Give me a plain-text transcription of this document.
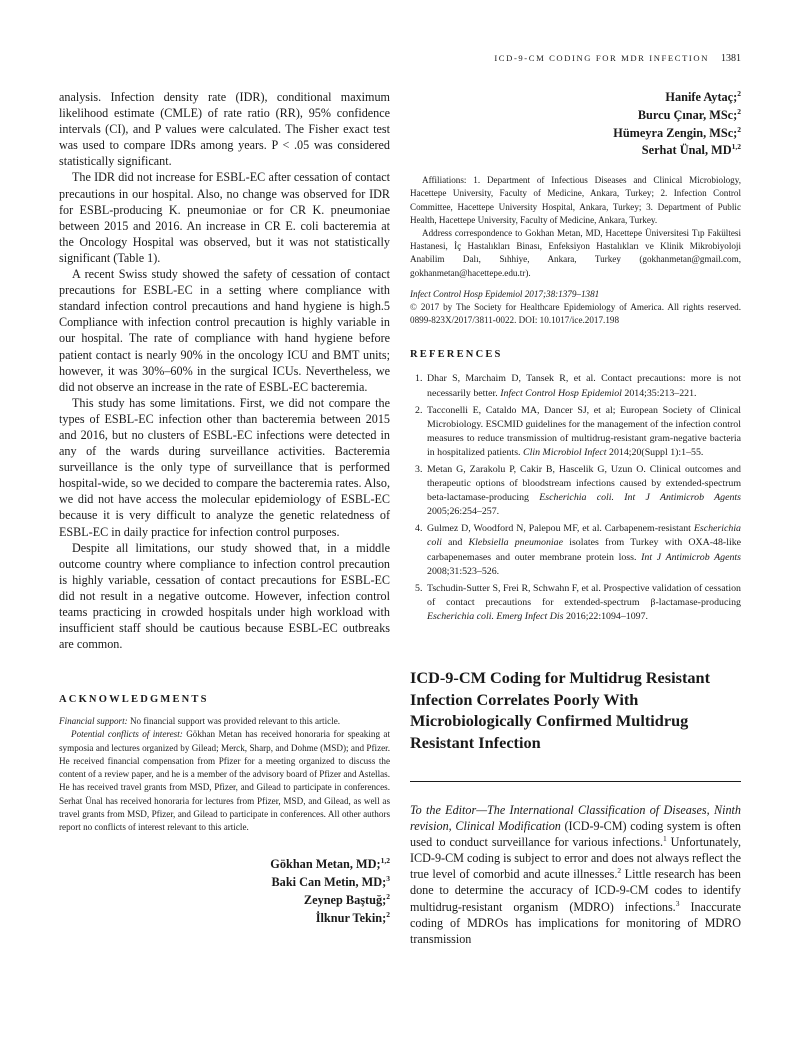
ICD-9-CM CODING FOR MDR INFECTION 1381

analysis. Infection density rate (IDR), conditional maximum likelihood estimate (CMLE) of rate ratio (RR), 95% confidence intervals (CI), and P values were calculated. The Fisher exact test was used to compare IDRs among years. P < .05 was considered statistically significant.

The IDR did not increase for ESBL-EC after cessation of contact precautions in our hospital. Also, no change was observed for IDR for ESBL-producing K. pneumoniae or for CR K. pneumoniae between 2015 and 2016. An increase in CR E. coli bacteremia at the Oncology Hospital was observed, but it was not statistically significant (Table 1).

A recent Swiss study showed the safety of cessation of contact precautions for ESBL-EC in a setting where compliance with standard infection control precautions and hand hygiene is high.5 Compliance with infection control precaution is highly variable in our hospital. The rate of compliance with hand hygiene before patient contact is nearly 90% in the oncology ICU and BMT units; however, it was 30%–60% in the surgical ICUs. Nevertheless, we did not observe an increase in the rate of ESBL-EC bacteremia.

This study has some limitations. First, we did not compare the types of ESBL-EC infection other than bacteremia between 2015 and 2016, but no clusters of ESBL-EC infections were detected in any of the wards during surveillance activities. Bacteremia surveillance is the only type of surveillance that is performed hospital-wide, so we decided to compare the bacteremia rates. Also, we did not have access the molecular epidemiology of ESBL-EC because it is very difficult to analyze the genetic relatedness of ESBL-EC in daily practice for infection control purposes.

Despite all limitations, our study showed that, in a middle outcome country where compliance to infection control precaution is highly variable, cessation of contact precautions for ESBL-EC did not result in a negative outcome. However, infection control teams practicing in crowded hospitals under high workload with insufficient staff should be cautious because ESBL-EC outbreaks are common.

ACKNOWLEDGMENTS

Financial support: No financial support was provided relevant to this article.

Potential conflicts of interest: Gökhan Metan has received honoraria for speaking at symposia and lectures organized by Gilead; Merck, Sharp, and Dohme (MSD); and Pfizer. He received financial compensation from Pfizer for a meeting organized to discuss the content of a review paper, and he is a member of the advisory board of Pfizer and Astellas. He has received travel grants from MSD, Pfizer, and Gilead to participate in conferences. Serhat Ünal has received honoraria for lectures from Pfizer, MSD, and Gilead, as well as travel grants from MSD, Pfizer, and Gilead to participate in conferences. All other authors report no conflicts of interest relevant to this article.

Gökhan Metan, MD;$^{1,2}$
Baki Can Metin, MD;$^3$
Zeynep Baştuğ;$^2$
İlknur Tekin;$^2$
Hanife Aytaç;$^2$
Burcu Çınar, MSc;$^2$
Hümeyra Zengin, MSc;$^2$
Serhat Ünal, MD$^{1,2}$

Affiliations: 1. Department of Infectious Diseases and Clinical Microbiology, Hacettepe University, Faculty of Medicine, Ankara, Turkey; 2. Infection Control Committee, Hacettepe University Hospital, Ankara, Turkey; 3. Department of Public Health, Hacettepe University, Faculty of Medicine, Ankara, Turkey.

Address correspondence to Gokhan Metan, MD, Hacettepe Üniversitesi Tıp Fakültesi Hastanesi, İç Hastalıkları Binası, Enfeksiyon Hastalıkları ve Klinik Mikrobiyoloji Anabilim Dalı, Sıhhiye, Ankara, Turkey (gokhanmetan@gmail.com, gokhanmetan@hacettepe.edu.tr).

Infect Control Hosp Epidemiol 2017;38:1379–1381

© 2017 by The Society for Healthcare Epidemiology of America. All rights reserved. 0899-823X/2017/3811-0022. DOI: 10.1017/ice.2017.198

REFERENCES
1. Dhar S, Marchaim D, Tansek R, et al. Contact precautions: more is not necessarily better. Infect Control Hosp Epidemiol 2014;35:213–221.
2. Tacconelli E, Cataldo MA, Dancer SJ, et al; European Society of Clinical Microbiology. ESCMID guidelines for the management of the infection control measures to reduce transmission of multidrug-resistant gram-negative bacteria in hospitalized patients. Clin Microbiol Infect 2014;20(Suppl 1):1–55.
3. Metan G, Zarakolu P, Cakir B, Hascelik G, Uzun O. Clinical outcomes and therapeutic options of bloodstream infections caused by extended-spectrum beta-lactamase-producing Escherichia coli. Int J Antimicrob Agents 2005;26:254–257.
4. Gulmez D, Woodford N, Palepou MF, et al. Carbapenem-resistant Escherichia coli and Klebsiella pneumoniae isolates from Turkey with OXA-48-like carbapenemases and outer membrane protein loss. Int J Antimicrob Agents 2008;31:523–526.
5. Tschudin-Sutter S, Frei R, Schwahn F, et al. Prospective validation of cessation of contact precautions for extended-spectrum β-lactamase-producing Escherichia coli. Emerg Infect Dis 2016;22:1094–1097.
ICD-9-CM Coding for Multidrug Resistant Infection Correlates Poorly With Microbiologically Confirmed Multidrug Resistant Infection

To the Editor—The International Classification of Diseases, Ninth revision, Clinical Modification (ICD-9-CM) coding system is often used to conduct surveillance for various infections.$^1$ Unfortunately, ICD-9-CM coding is subject to error and does not always reflect the true level of comorbid and acute illnesses.$^2$ Little research has been done to determine the accuracy of ICD-9-CM codes to identify multidrug-resistant organism (MDRO) infections.$^3$ Inaccurate coding of MDROs has implications for monitoring of MDRO transmission
